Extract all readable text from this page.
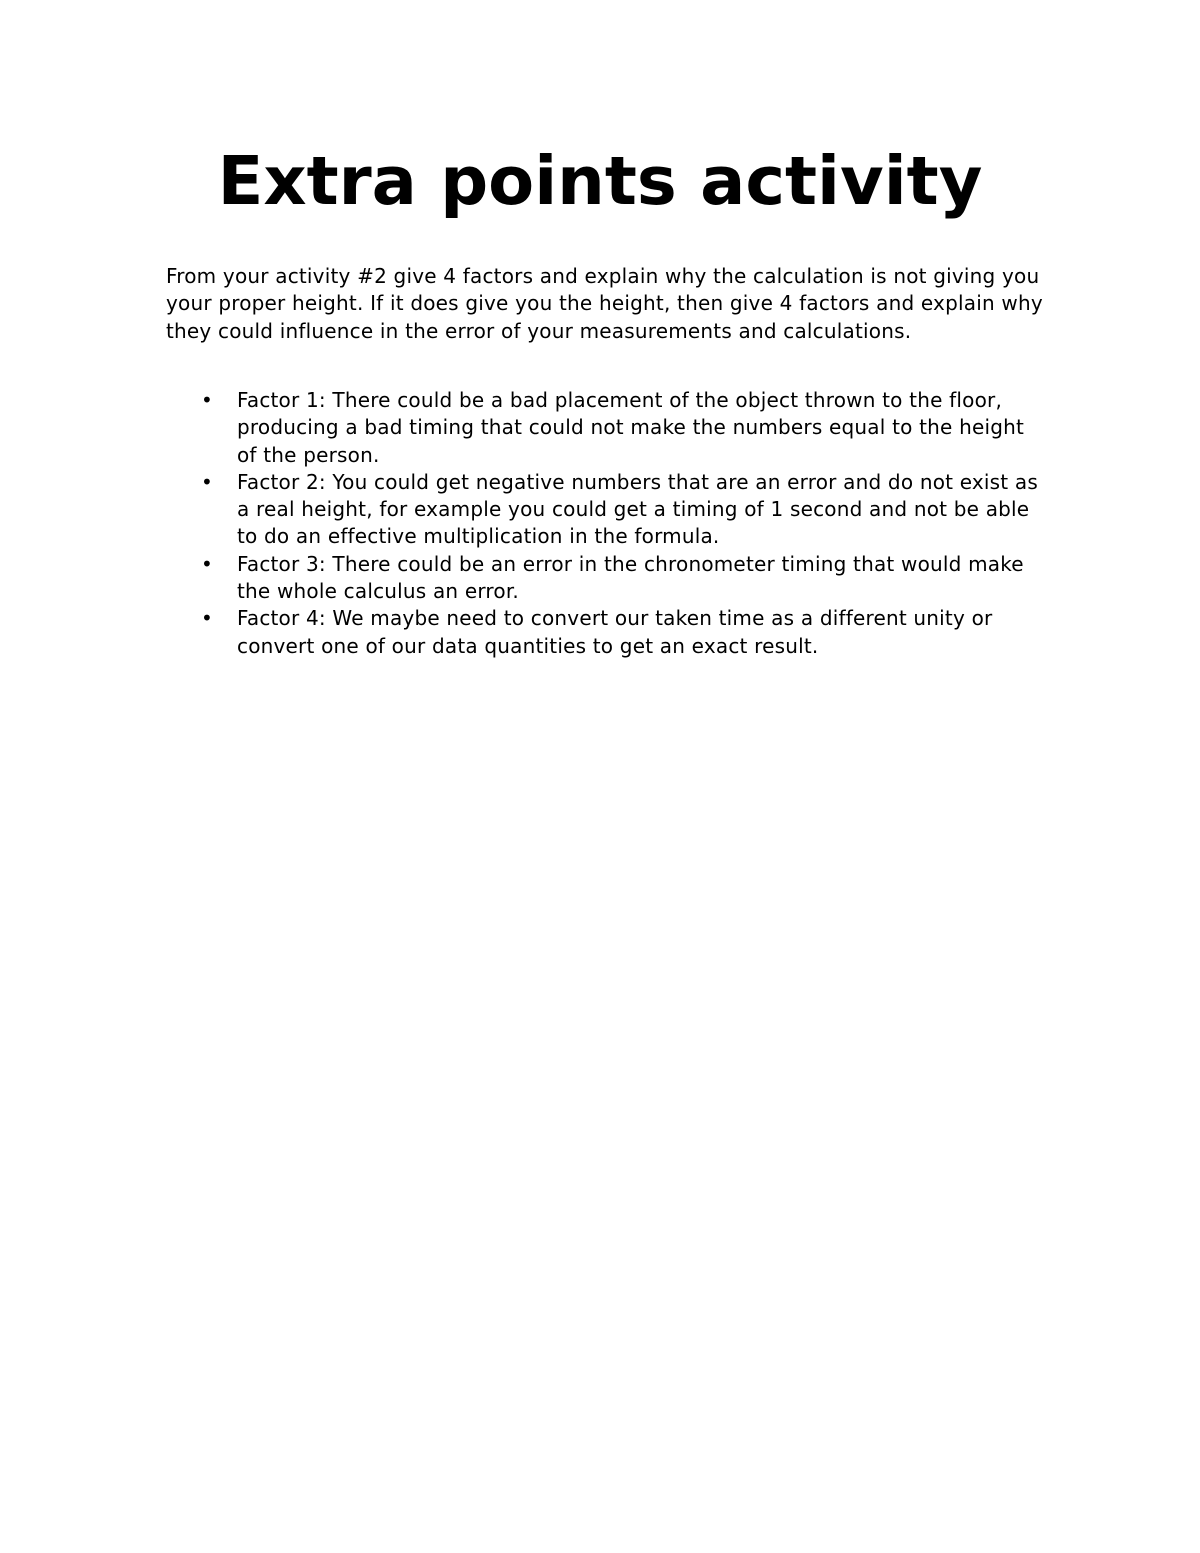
Extra points activity

From your activity #2 give 4 factors and explain why the calculation is not giving you your proper height. If it does give you the height, then give 4 factors and explain why they could influence in the error of your measurements and calculations.

• Factor 1: There could be a bad placement of the object thrown to the floor, producing a bad timing that could not make the numbers equal to the height of the person.
• Factor 2: You could get negative numbers that are an error and do not exist as a real height, for example you could get a timing of 1 second and not be able to do an effective multiplication in the formula.
• Factor 3: There could be an error in the chronometer timing that would make the whole calculus an error.
• Factor 4: We maybe need to convert our taken time as a different unity or convert one of our data quantities to get an exact result.
